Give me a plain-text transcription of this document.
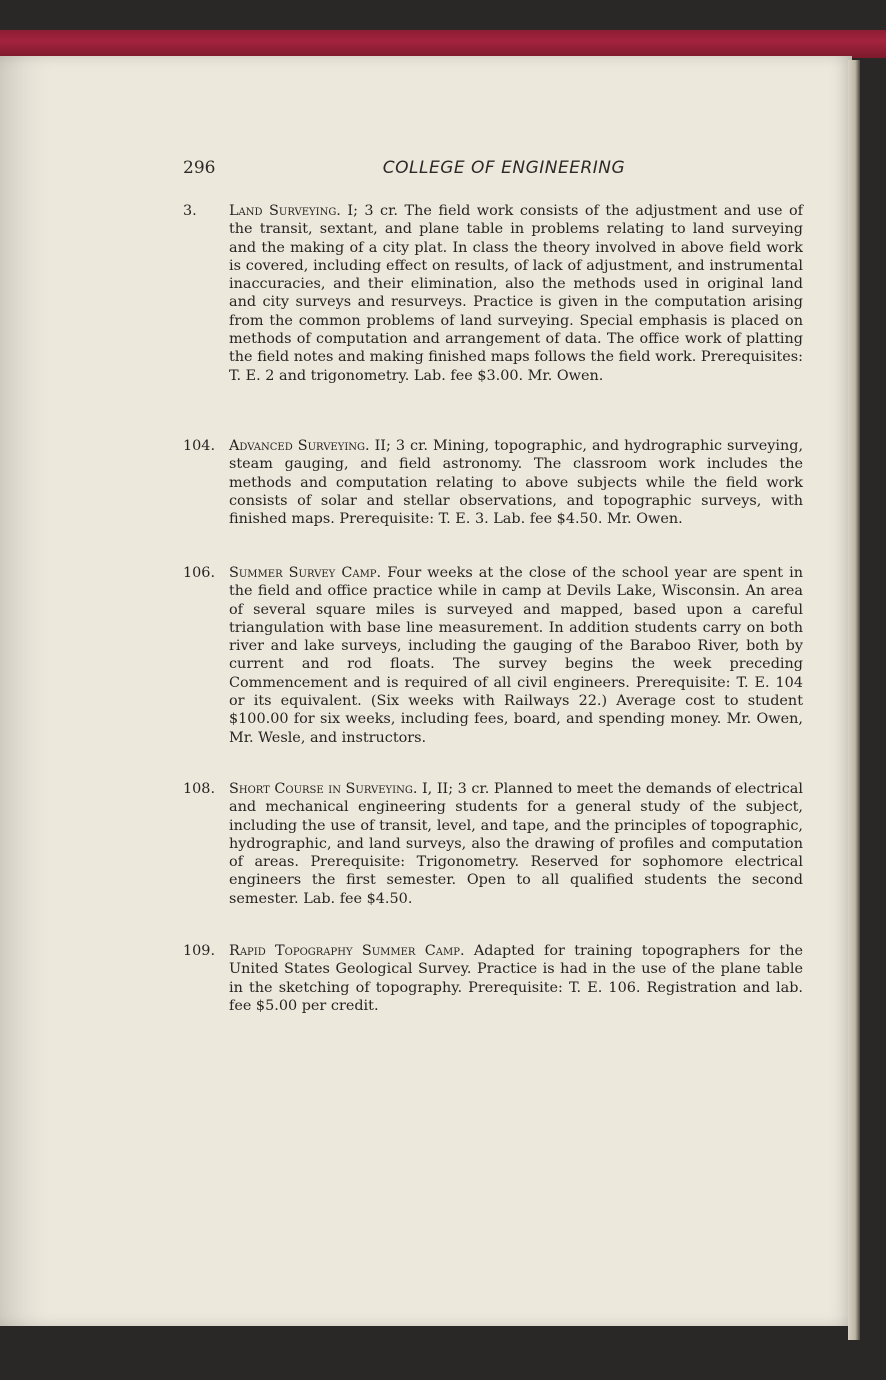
296	COLLEGE OF ENGINEERING
3.	Land Surveying. I; 3 cr. The field work consists of the adjustment and use of the transit, sextant, and plane table in problems relating to land surveying and the making of a city plat. In class the theory involved in above field work is covered, including effect on results, of lack of adjustment, and instrumental inaccuracies, and their elimination, also the methods used in original land and city surveys and resurveys. Practice is given in the computation arising from the common problems of land surveying. Special emphasis is placed on methods of computation and arrangement of data. The office work of platting the field notes and making finished maps follows the field work. Prerequisites: T. E. 2 and trigonometry. Lab. fee $3.00. Mr. Owen.
104. Advanced Surveying. II; 3 cr. Mining, topographic, and hydrographic surveying, steam gauging, and field astronomy. The classroom work includes the methods and computation relating to above subjects while the field work consists of solar and stellar observations, and topographic surveys, with finished maps. Prerequisite: T. E. 3. Lab. fee $4.50. Mr. Owen.
106. Summer Survey Camp. Four weeks at the close of the school year are spent in the field and office practice while in camp at Devils Lake, Wisconsin. An area of several square miles is surveyed and mapped, based upon a careful triangulation with base line measurement. In addition students carry on both river and lake surveys, including the gauging of the Baraboo River, both by current and rod floats. The survey begins the week preceding Commencement and is required of all civil engineers. Prerequisite: T. E. 104 or its equivalent. (Six weeks with Railways 22.) Average cost to student $100.00 for six weeks, including fees, board, and spending money. Mr. Owen, Mr. Wesle, and instructors.
108. Short Course in Surveying. I, II; 3 cr. Planned to meet the demands of electrical and mechanical engineering students for a general study of the subject, including the use of transit, level, and tape, and the principles of topographic, hydrographic, and land surveys, also the drawing of profiles and computation of areas. Prerequisite: Trigonometry. Reserved for sophomore electrical engineers the first semester. Open to all qualified students the second semester. Lab. fee $4.50.
109. Rapid Topography Summer Camp. Adapted for training topographers for the United States Geological Survey. Practice is had in the use of the plane table in the sketching of topography. Prerequisite: T. E. 106. Registration and lab. fee $5.00 per credit.
